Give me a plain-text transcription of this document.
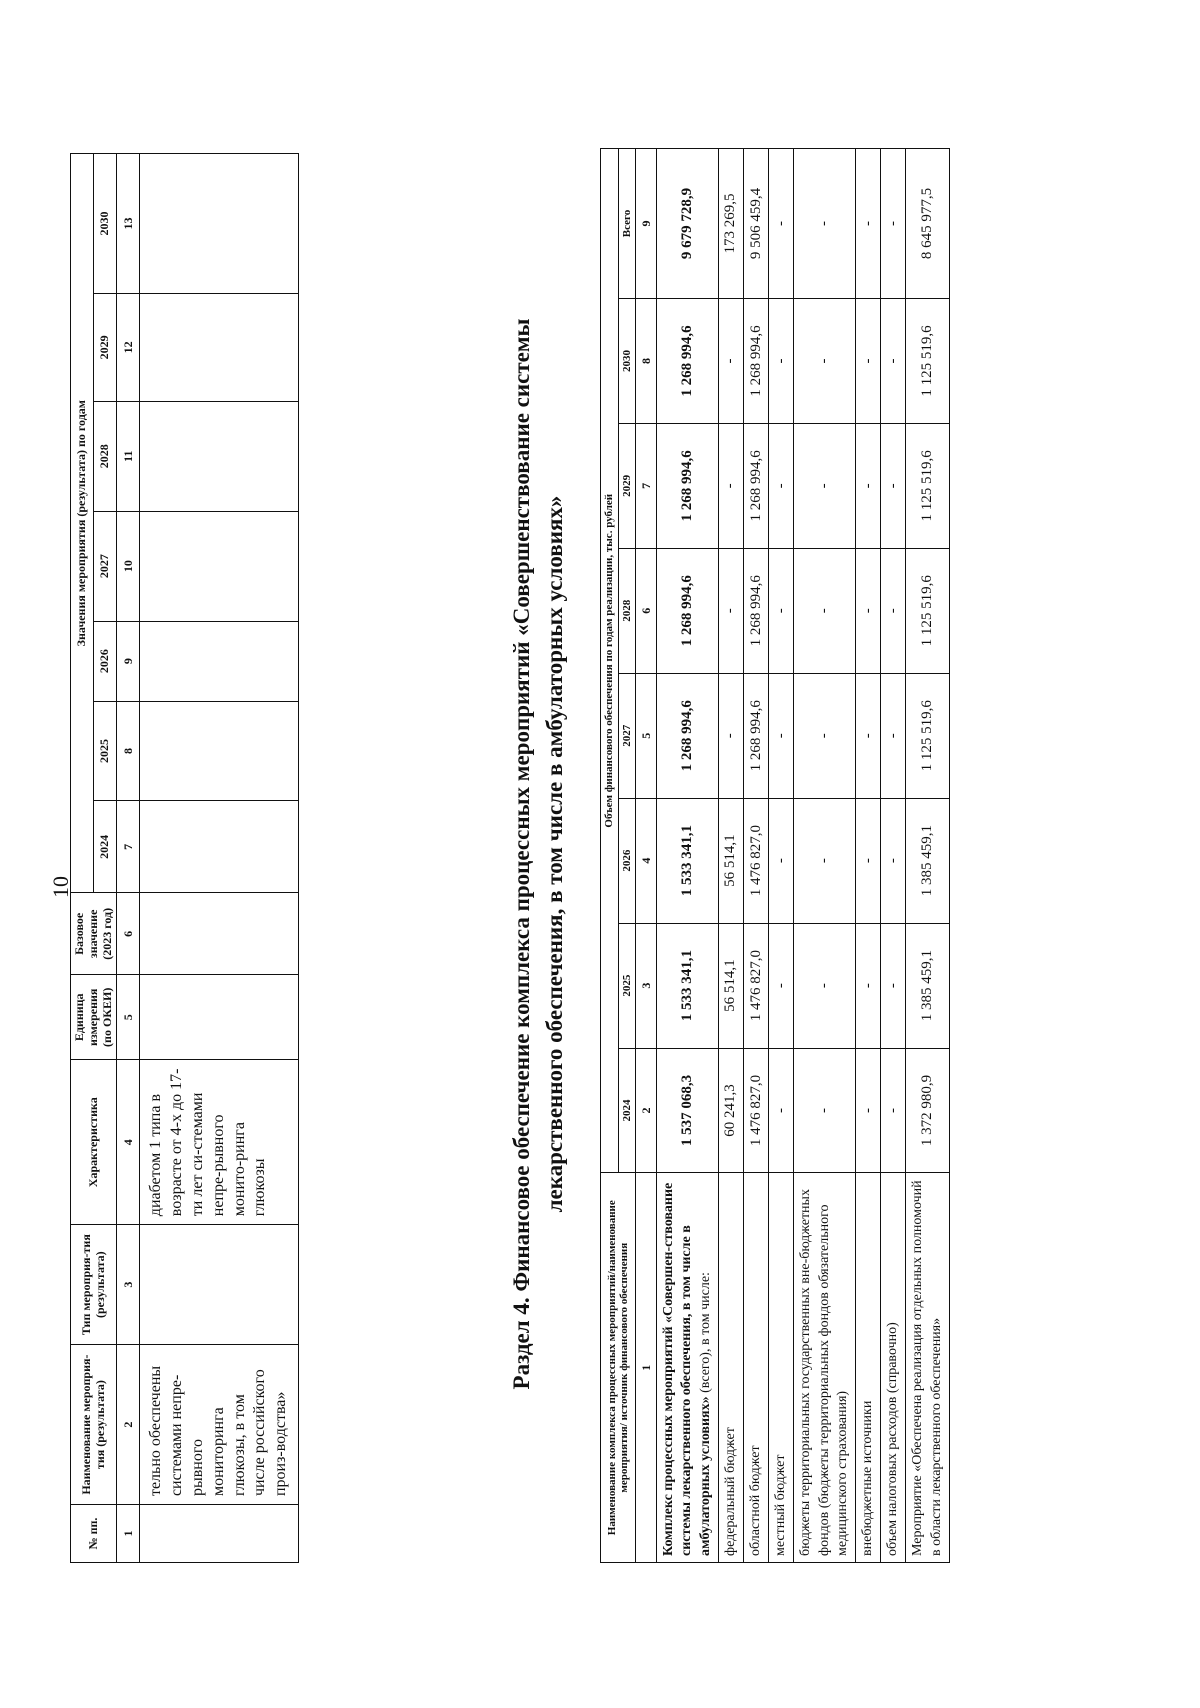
10
№ пп.	Наименование мероприя-тия (результата)	Тип мероприя-тия (результата)	Характеристика	Единица измерения (по ОКЕИ)	Базовое значение (2023 год)	Значения мероприятия (результата) по годам						
						2024	2025	2026	2027	2028	2029	2030
1	2	3	4	5	6	7	8	9	10	11	12	13
	тельно обеспечены системами непре-рывного мониторинга глюкозы, в том числе российского произ-водства»		диабетом 1 типа в возрасте от 4-х до 17-ти лет си-стемами непре-рывного монито-ринга глюкозы										Раздел 4. Финансовое обеспечение комплекса процессных мероприятий «Совершенствование системы лекарственного обеспечения, в том числе в амбулаторных условиях»
Наименование комплекса процессных мероприятий/наименование мероприятия/ источник финансового обеспечения	Объем финансового обеспечения по годам реализации, тыс. рублей							
	2024	2025	2026	2027	2028	2029	2030	Всего
1	2	3	4	5	6	7	8	9
Комплекс процессных мероприятий «Совершен-ствование системы лекарственного обеспечения, в том числе в амбулаторных условиях» (всего), в том числе:	1 537 068,3	1 533 341,1	1 533 341,1	1 268 994,6	1 268 994,6	1 268 994,6	1 268 994,6	9 679 728,9
федеральный бюджет	60 241,3	56 514,1	56 514,1	-	-	-	-	173 269,5
областной бюджет	1 476 827,0	1 476 827,0	1 476 827,0	1 268 994,6	1 268 994,6	1 268 994,6	1 268 994,6	9 506 459,4
местный бюджет	-	-	-	-	-	-	-	-
бюджеты территориальных государственных вне-бюджетных фондов (бюджеты территориальных фондов обязательного медицинского страхования)	-	-	-	-	-	-	-	-
внебюджетные источники	-	-	-	-	-	-	-	-
объем налоговых расходов (справочно)	-	-	-	-	-	-	-	-
Мероприятие «Обеспечена реализация отдельных полномочий в области лекарственного обеспечения»	1 372 980,9	1 385 459,1	1 385 459,1	1 125 519,6	1 125 519,6	1 125 519,6	1 125 519,6	8 645 977,5
